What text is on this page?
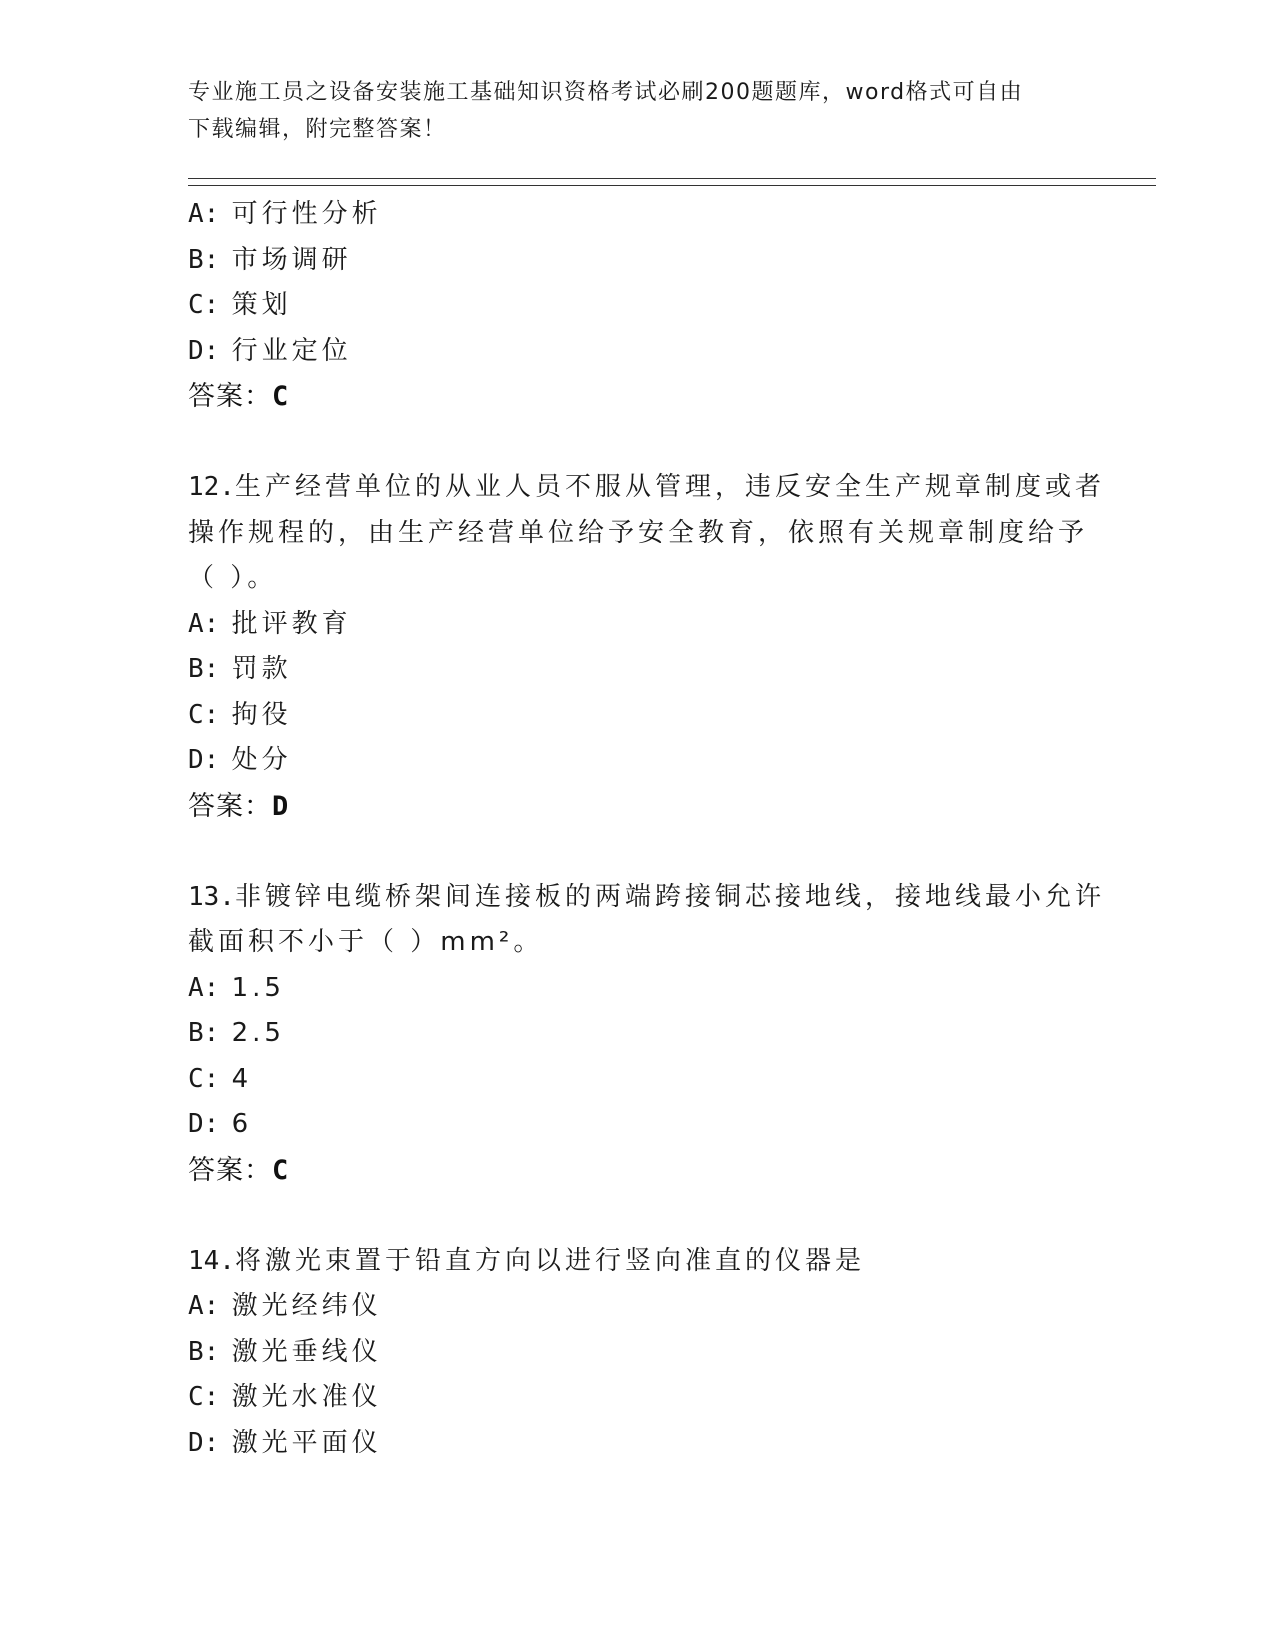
专业施工员之设备安装施工基础知识资格考试必刷200题题库，word格式可自由
下载编辑，附完整答案！
A: 可行性分析
B: 市场调研
C: 策划
D: 行业定位
答案：C
12.生产经营单位的从业人员不服从管理，违反安全生产规章制度或者
操作规程的，由生产经营单位给予安全教育，依照有关规章制度给予
（ ）。
A: 批评教育
B: 罚款
C: 拘役
D: 处分
答案：D
13.非镀锌电缆桥架间连接板的两端跨接铜芯接地线，接地线最小允许
截面积不小于（ ）mm²。
A: 1.5
B: 2.5
C: 4
D: 6
答案：C
14.将激光束置于铅直方向以进行竖向准直的仪器是
A: 激光经纬仪
B: 激光垂线仪
C: 激光水准仪
D: 激光平面仪
